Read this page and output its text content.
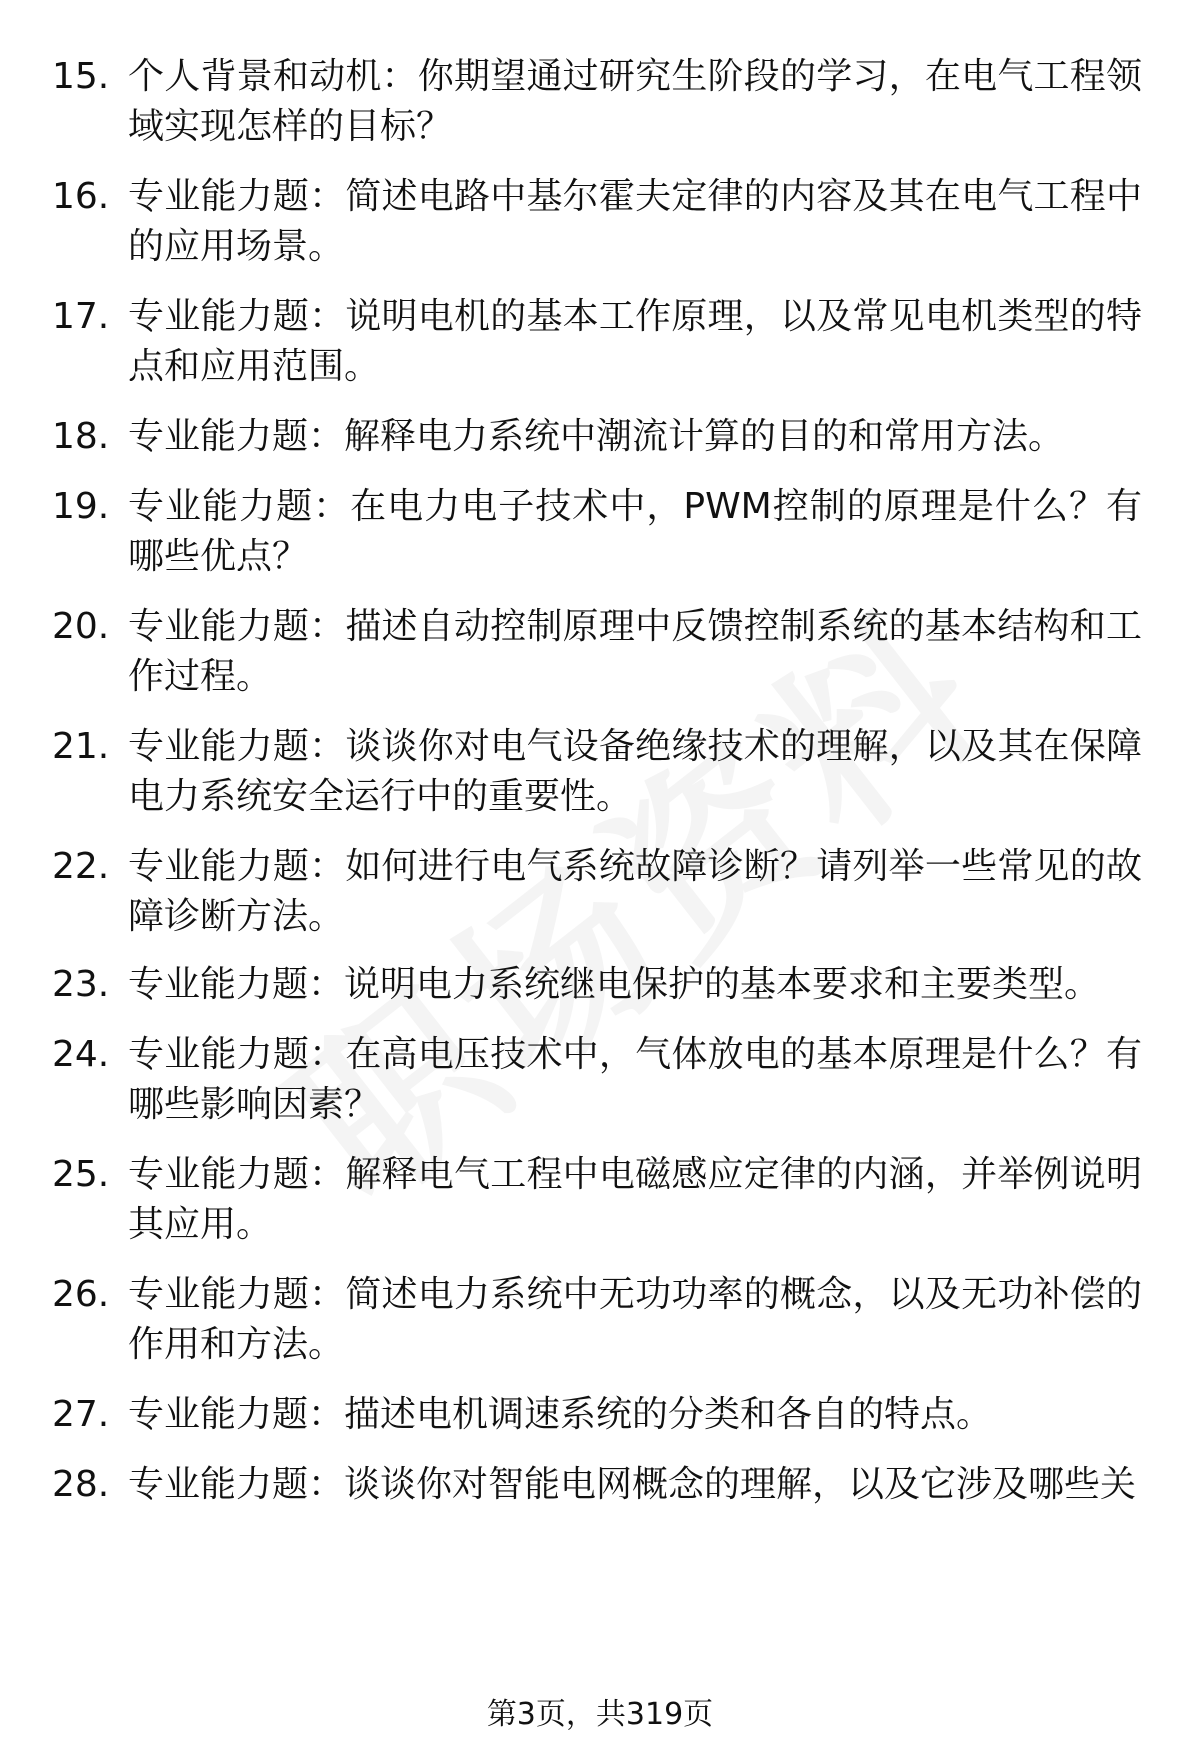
15. 个人背景和动机：你期望通过研究生阶段的学习，在电气工程领域实现怎样的目标？
16. 专业能力题：简述电路中基尔霍夫定律的内容及其在电气工程中的应用场景。
17. 专业能力题：说明电机的基本工作原理，以及常见电机类型的特点和应用范围。
18. 专业能力题：解释电力系统中潮流计算的目的和常用方法。
19. 专业能力题：在电力电子技术中，PWM控制的原理是什么？有哪些优点？
20. 专业能力题：描述自动控制原理中反馈控制系统的基本结构和工作过程。
21. 专业能力题：谈谈你对电气设备绝缘技术的理解，以及其在保障电力系统安全运行中的重要性。
22. 专业能力题：如何进行电气系统故障诊断？请列举一些常见的故障诊断方法。
23. 专业能力题：说明电力系统继电保护的基本要求和主要类型。
24. 专业能力题：在高电压技术中，气体放电的基本原理是什么？有哪些影响因素？
25. 专业能力题：解释电气工程中电磁感应定律的内涵，并举例说明其应用。
26. 专业能力题：简述电力系统中无功功率的概念，以及无功补偿的作用和方法。
27. 专业能力题：描述电机调速系统的分类和各自的特点。
28. 专业能力题：谈谈你对智能电网概念的理解，以及它涉及哪些关
第3页，共319页
